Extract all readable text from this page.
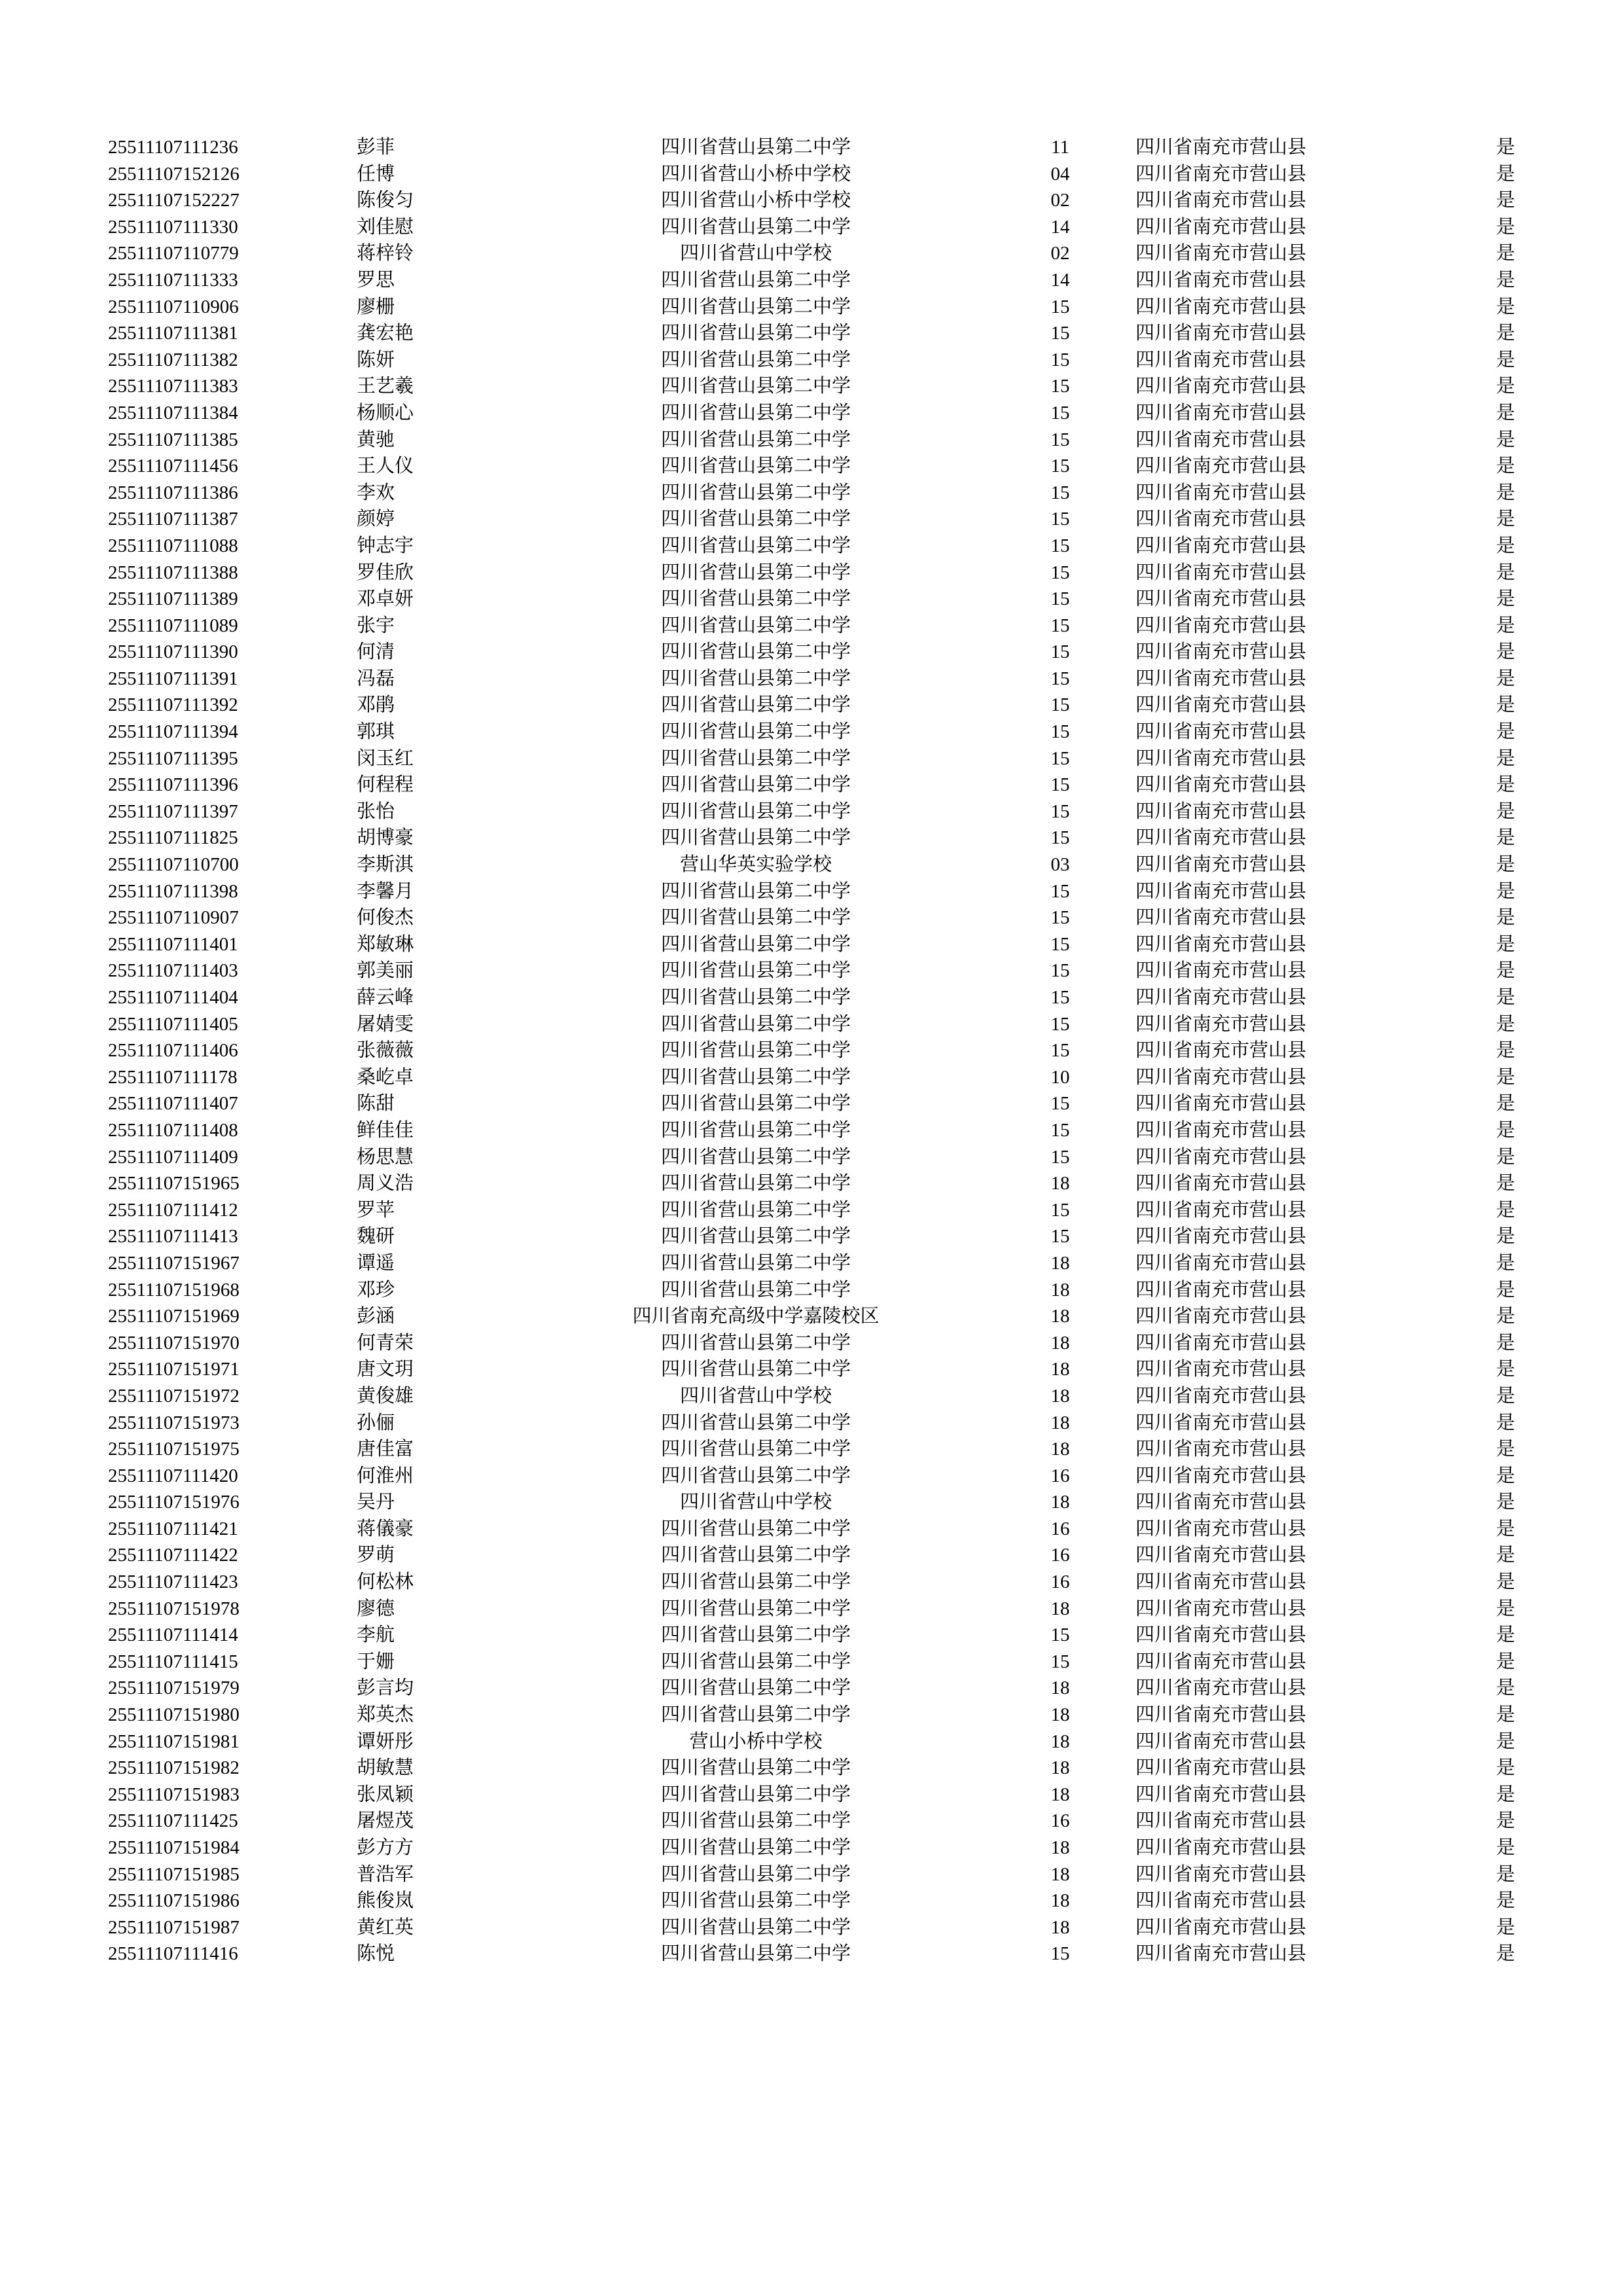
25511107111236	彭菲	四川省营山县第二中学	11	四川省南充市营山县	是
25511107152126	任博	四川省营山小桥中学校	04	四川省南充市营山县	是
25511107152227	陈俊匀	四川省营山小桥中学校	02	四川省南充市营山县	是
25511107111330	刘佳慰	四川省营山县第二中学	14	四川省南充市营山县	是
25511107110779	蒋梓铃	四川省营山中学校	02	四川省南充市营山县	是
25511107111333	罗思	四川省营山县第二中学	14	四川省南充市营山县	是
25511107110906	廖栅	四川省营山县第二中学	15	四川省南充市营山县	是
25511107111381	龚宏艳	四川省营山县第二中学	15	四川省南充市营山县	是
25511107111382	陈妍	四川省营山县第二中学	15	四川省南充市营山县	是
25511107111383	王艺羲	四川省营山县第二中学	15	四川省南充市营山县	是
25511107111384	杨顺心	四川省营山县第二中学	15	四川省南充市营山县	是
25511107111385	黄驰	四川省营山县第二中学	15	四川省南充市营山县	是
25511107111456	王人仪	四川省营山县第二中学	15	四川省南充市营山县	是
25511107111386	李欢	四川省营山县第二中学	15	四川省南充市营山县	是
25511107111387	颜婷	四川省营山县第二中学	15	四川省南充市营山县	是
25511107111088	钟志宇	四川省营山县第二中学	15	四川省南充市营山县	是
25511107111388	罗佳欣	四川省营山县第二中学	15	四川省南充市营山县	是
25511107111389	邓卓妍	四川省营山县第二中学	15	四川省南充市营山县	是
25511107111089	张宇	四川省营山县第二中学	15	四川省南充市营山县	是
25511107111390	何清	四川省营山县第二中学	15	四川省南充市营山县	是
25511107111391	冯磊	四川省营山县第二中学	15	四川省南充市营山县	是
25511107111392	邓鹃	四川省营山县第二中学	15	四川省南充市营山县	是
25511107111394	郭琪	四川省营山县第二中学	15	四川省南充市营山县	是
25511107111395	闵玉红	四川省营山县第二中学	15	四川省南充市营山县	是
25511107111396	何程程	四川省营山县第二中学	15	四川省南充市营山县	是
25511107111397	张怡	四川省营山县第二中学	15	四川省南充市营山县	是
25511107111825	胡博豪	四川省营山县第二中学	15	四川省南充市营山县	是
25511107110700	李斯淇	营山华英实验学校	03	四川省南充市营山县	是
25511107111398	李馨月	四川省营山县第二中学	15	四川省南充市营山县	是
25511107110907	何俊杰	四川省营山县第二中学	15	四川省南充市营山县	是
25511107111401	郑敏琳	四川省营山县第二中学	15	四川省南充市营山县	是
25511107111403	郭美丽	四川省营山县第二中学	15	四川省南充市营山县	是
25511107111404	薛云峰	四川省营山县第二中学	15	四川省南充市营山县	是
25511107111405	屠婧雯	四川省营山县第二中学	15	四川省南充市营山县	是
25511107111406	张薇薇	四川省营山县第二中学	15	四川省南充市营山县	是
25511107111178	桑屹卓	四川省营山县第二中学	10	四川省南充市营山县	是
25511107111407	陈甜	四川省营山县第二中学	15	四川省南充市营山县	是
25511107111408	鲜佳佳	四川省营山县第二中学	15	四川省南充市营山县	是
25511107111409	杨思慧	四川省营山县第二中学	15	四川省南充市营山县	是
25511107151965	周义浩	四川省营山县第二中学	18	四川省南充市营山县	是
25511107111412	罗苹	四川省营山县第二中学	15	四川省南充市营山县	是
25511107111413	魏研	四川省营山县第二中学	15	四川省南充市营山县	是
25511107151967	谭遥	四川省营山县第二中学	18	四川省南充市营山县	是
25511107151968	邓珍	四川省营山县第二中学	18	四川省南充市营山县	是
25511107151969	彭涵	四川省南充高级中学嘉陵校区	18	四川省南充市营山县	是
25511107151970	何青荣	四川省营山县第二中学	18	四川省南充市营山县	是
25511107151971	唐文玥	四川省营山县第二中学	18	四川省南充市营山县	是
25511107151972	黄俊雄	四川省营山中学校	18	四川省南充市营山县	是
25511107151973	孙俪	四川省营山县第二中学	18	四川省南充市营山县	是
25511107151975	唐佳富	四川省营山县第二中学	18	四川省南充市营山县	是
25511107111420	何淮州	四川省营山县第二中学	16	四川省南充市营山县	是
25511107151976	吴丹	四川省营山中学校	18	四川省南充市营山县	是
25511107111421	蒋儀豪	四川省营山县第二中学	16	四川省南充市营山县	是
25511107111422	罗萌	四川省营山县第二中学	16	四川省南充市营山县	是
25511107111423	何松林	四川省营山县第二中学	16	四川省南充市营山县	是
25511107151978	廖德	四川省营山县第二中学	18	四川省南充市营山县	是
25511107111414	李航	四川省营山县第二中学	15	四川省南充市营山县	是
25511107111415	于姗	四川省营山县第二中学	15	四川省南充市营山县	是
25511107151979	彭言均	四川省营山县第二中学	18	四川省南充市营山县	是
25511107151980	郑英杰	四川省营山县第二中学	18	四川省南充市营山县	是
25511107151981	谭妍彤	营山小桥中学校	18	四川省南充市营山县	是
25511107151982	胡敏慧	四川省营山县第二中学	18	四川省南充市营山县	是
25511107151983	张凤颖	四川省营山县第二中学	18	四川省南充市营山县	是
25511107111425	屠煜茂	四川省营山县第二中学	16	四川省南充市营山县	是
25511107151984	彭方方	四川省营山县第二中学	18	四川省南充市营山县	是
25511107151985	普浩军	四川省营山县第二中学	18	四川省南充市营山县	是
25511107151986	熊俊岚	四川省营山县第二中学	18	四川省南充市营山县	是
25511107151987	黄红英	四川省营山县第二中学	18	四川省南充市营山县	是
25511107111416	陈悦	四川省营山县第二中学	15	四川省南充市营山县	是
